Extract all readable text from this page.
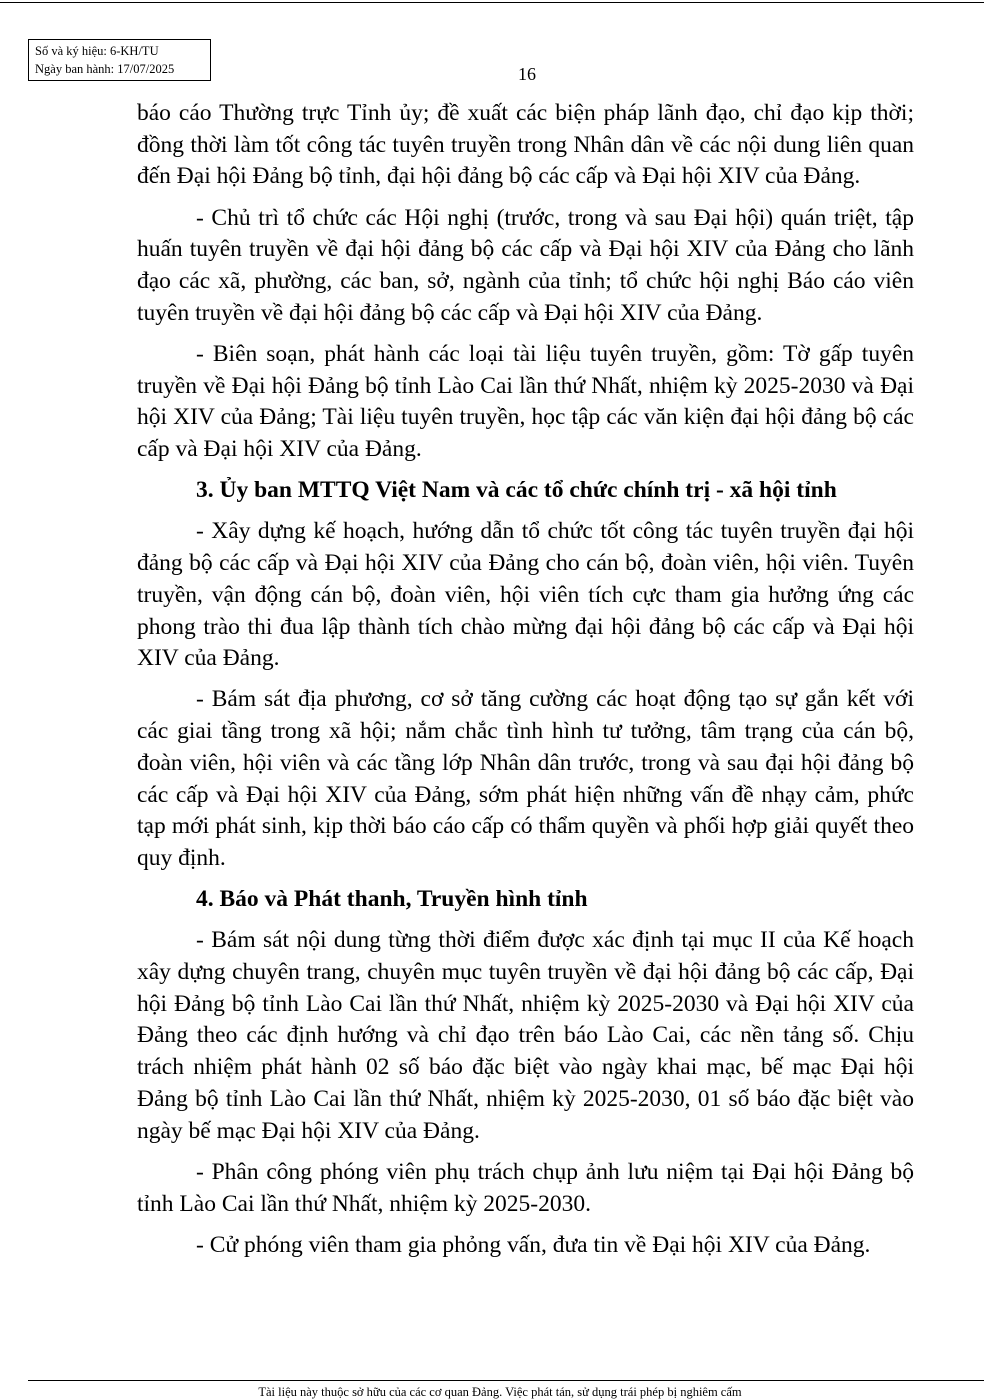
Số và ký hiệu: 6-KH/TU
Ngày ban hành: 17/07/2025	16

báo cáo Thường trực Tỉnh ủy; đề xuất các biện pháp lãnh đạo, chỉ đạo kịp thời; đồng thời làm tốt công tác tuyên truyền trong Nhân dân về các nội dung liên quan đến Đại hội Đảng bộ tỉnh, đại hội đảng bộ các cấp và Đại hội XIV của Đảng.

- Chủ trì tổ chức các Hội nghị (trước, trong và sau Đại hội) quán triệt, tập huấn tuyên truyền về đại hội đảng bộ các cấp và Đại hội XIV của Đảng cho lãnh đạo các xã, phường, các ban, sở, ngành của tỉnh; tổ chức hội nghị Báo cáo viên tuyên truyền về đại hội đảng bộ các cấp và Đại hội XIV của Đảng.

- Biên soạn, phát hành các loại tài liệu tuyên truyền, gồm: Tờ gấp tuyên truyền về Đại hội Đảng bộ tỉnh Lào Cai lần thứ Nhất, nhiệm kỳ 2025-2030 và Đại hội XIV của Đảng; Tài liệu tuyên truyền, học tập các văn kiện đại hội đảng bộ các cấp và Đại hội XIV của Đảng.

3. Ủy ban MTTQ Việt Nam và các tổ chức chính trị - xã hội tỉnh

- Xây dựng kế hoạch, hướng dẫn tổ chức tốt công tác tuyên truyền đại hội đảng bộ các cấp và Đại hội XIV của Đảng cho cán bộ, đoàn viên, hội viên. Tuyên truyền, vận động cán bộ, đoàn viên, hội viên tích cực tham gia hưởng ứng các phong trào thi đua lập thành tích chào mừng đại hội đảng bộ các cấp và Đại hội XIV của Đảng.

- Bám sát địa phương, cơ sở tăng cường các hoạt động tạo sự gắn kết với các giai tầng trong xã hội; nắm chắc tình hình tư tưởng, tâm trạng của cán bộ, đoàn viên, hội viên và các tầng lớp Nhân dân trước, trong và sau đại hội đảng bộ các cấp và Đại hội XIV của Đảng, sớm phát hiện những vấn đề nhạy cảm, phức tạp mới phát sinh, kịp thời báo cáo cấp có thẩm quyền và phối hợp giải quyết theo quy định.

4. Báo và Phát thanh, Truyền hình tỉnh

- Bám sát nội dung từng thời điểm được xác định tại mục II của Kế hoạch xây dựng chuyên trang, chuyên mục tuyên truyền về đại hội đảng bộ các cấp, Đại hội Đảng bộ tỉnh Lào Cai lần thứ Nhất, nhiệm kỳ 2025-2030 và Đại hội XIV của Đảng theo các định hướng và chỉ đạo trên báo Lào Cai, các nền tảng số. Chịu trách nhiệm phát hành 02 số báo đặc biệt vào ngày khai mạc, bế mạc Đại hội Đảng bộ tỉnh Lào Cai lần thứ Nhất, nhiệm kỳ 2025-2030, 01 số báo đặc biệt vào ngày bế mạc Đại hội XIV của Đảng.

- Phân công phóng viên phụ trách chụp ảnh lưu niệm tại Đại hội Đảng bộ tỉnh Lào Cai lần thứ Nhất, nhiệm kỳ 2025-2030.

- Cử phóng viên tham gia phỏng vấn, đưa tin về Đại hội XIV của Đảng.

Tài liệu này thuộc sở hữu của các cơ quan Đảng. Việc phát tán, sử dụng trái phép bị nghiêm cấm
